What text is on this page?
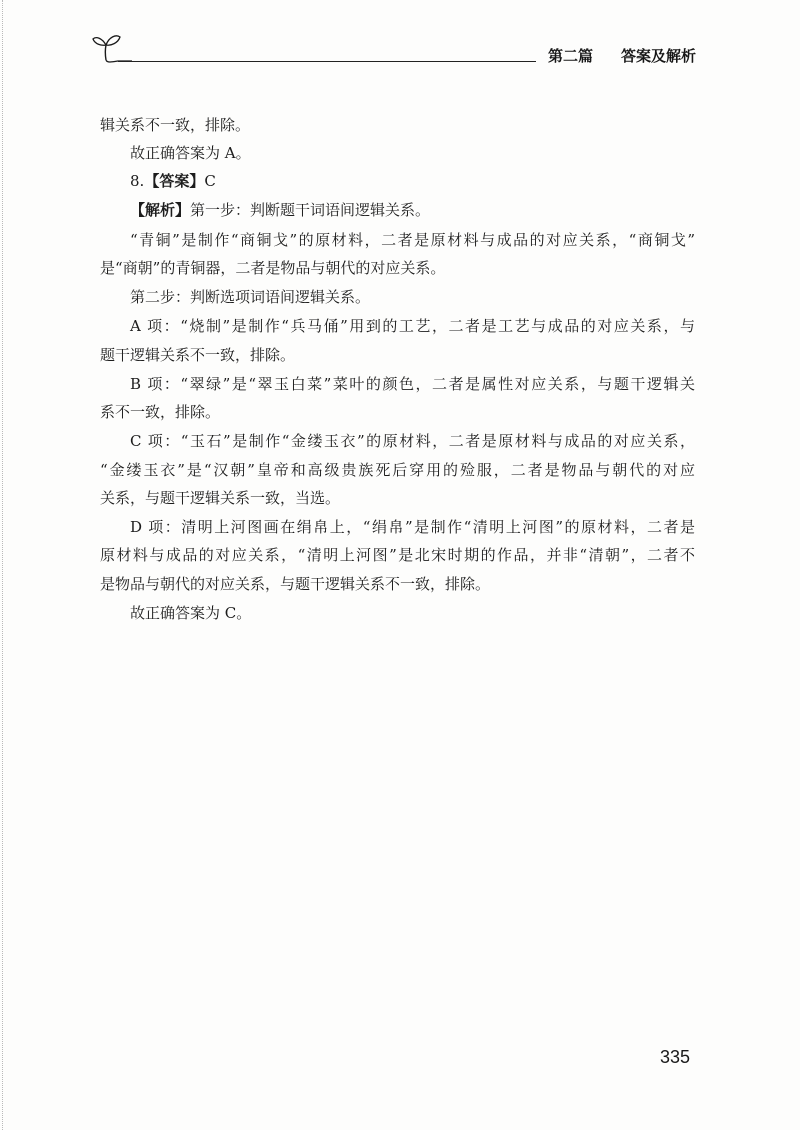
第二篇 答案及解析
辑关系不一致，排除。
故正确答案为 A。
8.【答案】C
【解析】第一步：判断题干词语间逻辑关系。
“青铜”是制作“商铜戈”的原材料，二者是原材料与成品的对应关系，“商铜戈”
是“商朝”的青铜器，二者是物品与朝代的对应关系。
第二步：判断选项词语间逻辑关系。
A 项：“烧制”是制作“兵马俑”用到的工艺，二者是工艺与成品的对应关系，与
题干逻辑关系不一致，排除。
B 项：“翠绿”是“翠玉白菜”菜叶的颜色，二者是属性对应关系，与题干逻辑关
系不一致，排除。
C 项：“玉石”是制作“金缕玉衣”的原材料，二者是原材料与成品的对应关系，
“金缕玉衣”是“汉朝”皇帝和高级贵族死后穿用的殓服，二者是物品与朝代的对应
关系，与题干逻辑关系一致，当选。
D 项：清明上河图画在绢帛上，“绢帛”是制作“清明上河图”的原材料，二者是
原材料与成品的对应关系，“清明上河图”是北宋时期的作品，并非“清朝”，二者不
是物品与朝代的对应关系，与题干逻辑关系不一致，排除。
故正确答案为 C。
335
